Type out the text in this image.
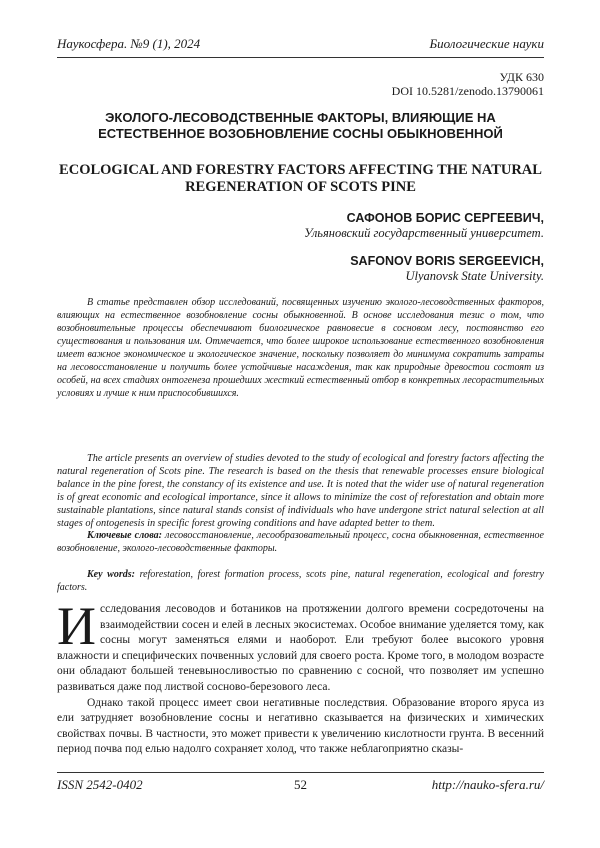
Наукосфера. №9 (1), 2024	Биологические науки
УДК 630
DOI 10.5281/zenodo.13790061
ЭКОЛОГО-ЛЕСОВОДСТВЕННЫЕ ФАКТОРЫ, ВЛИЯЮЩИЕ НА
ЕСТЕСТВЕННОЕ ВОЗОБНОВЛЕНИЕ СОСНЫ ОБЫКНОВЕННОЙ
ECOLOGICAL AND FORESTRY FACTORS AFFECTING THE NATURAL
REGENERATION OF SCOTS PINE
САФОНОВ БОРИС СЕРГЕЕВИЧ,
Ульяновский государственный университет.
SAFONOV BORIS SERGEEVICH,
Ulyanovsk State University.
В статье представлен обзор исследований, посвященных изучению эколого-лесоводственных факторов, влияющих на естественное возобновление сосны обыкновенной. В основе исследования тезис о том, что возобновительные процессы обеспечивают биологическое равновесие в сосновом лесу, постоянство его существования и пользования им. Отмечается, что более широкое использование естественного возобновления имеет важное экономическое и экологическое значение, поскольку позволяет до минимума сократить затраты на лесовосстановление и получить более устойчивые насаждения, так как природные древостои состоят из особей, на всех стадиях онтогенеза прошедших жесткий естественный отбор в конкретных лесорастительных условиях и лучше к ним приспособившихся.
The article presents an overview of studies devoted to the study of ecological and forestry factors affecting the natural regeneration of Scots pine. The research is based on the thesis that renewable processes ensure biological balance in the pine forest, the constancy of its existence and use. It is noted that the wider use of natural regeneration is of great economic and ecological importance, since it allows to minimize the cost of reforestation and obtain more sustainable plantations, since natural stands consist of individuals who have undergone strict natural selection at all stages of ontogenesis in specific forest growing conditions and have adapted better to them.
Ключевые слова: лесовосстановление, лесообразовательный процесс, сосна обыкновенная, естественное возобновление, эколого-лесоводственные факторы.
Key words: reforestation, forest formation process, scots pine, natural regeneration, ecological and forestry factors.

И сследования лесоводов и ботаников на протяжении долгого времени сосредоточены на взаимодействии сосен и елей в лесных экосистемах. Особое внимание уделяется тому, как сосны могут заменяться елями и наоборот. Ели требуют более высокого уровня влажности и специфических почвенных условий для своего роста. Кроме того, в молодом возрасте они обладают большей теневыносливостью по сравнению с сосной, что позволяет им успешно развиваться даже под листвой сосново-березового леса.

Однако такой процесс имеет свои негативные последствия. Образование второго яруса из ели затрудняет возобновление сосны и негативно сказывается на физических и химических свойствах почвы. В частности, это может привести к увеличению кислотности грунта. В весенний период почва под елью надолго сохраняет холод, что также неблагоприятно сказы-

ISSN 2542-0402	52	http://nauko-sfera.ru/
